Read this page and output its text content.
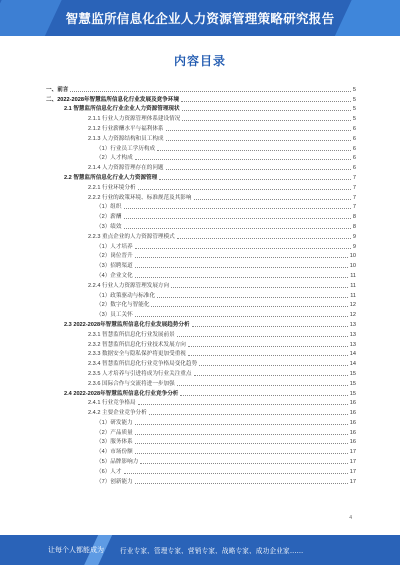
智慧监所信息化企业人力资源管理策略研究报告
内容目录
一、前言	5
二、2022-2028年智慧监所信息化行业发展及竞争环境	5
2.1 智慧监所信息化行业企业人力资源管理现状	5
2.1.1 行业人力资源管理体系建设情况	5
2.1.2 行业薪酬水平与福利体系	6
2.1.3 人力资源结构和员工构成	6
（1）行业员工学历构成	6
（2）人才构成	6
2.1.4 人力资源管理存在的问题	6
2.2 智慧监所信息化行业人力资源管理	7
2.2.1 行业环境分析	7
2.2.2 行业的政策环境、标准规范及其影响	7
（1）组织	7
（2）薪酬	8
（3）绩效	8
2.2.3 重点企业的人力资源管理模式	9
（1）人才培养	9
（2）岗位晋升	10
（3）招聘渠道	10
（4）企业文化	11
2.2.4 行业人力资源管理发展方向	11
（1）政策驱动与标准化	11
（2）数字化与智能化	12
（3）员工关怀	12
2.3 2022-2028年智慧监所信息化行业发展趋势分析	13
2.3.1 智慧监所信息化行业发展前景	13
2.3.2 智慧监所信息化行业技术发展方向	13
2.3.3 数据安全与隐私保护将更加受重视	14
2.3.4 智慧监所信息化行业竞争格局变化趋势	14
2.3.5 人才培养与引进将成为行业关注重点	15
2.3.6 国际合作与交流将进一步加强	15
2.4 2022-2028年智慧监所信息化行业竞争分析	15
2.4.1 行业竞争格局	16
2.4.2 主要企业竞争分析	16
（1）研发能力	16
（2）产品质量	16
（3）服务体系	16
（4）市场份额	17
（5）品牌影响力	17
（6）人才	17
（7）创新能力	17
4
让每个人都能成为 行业专家、管理专家、营销专家、战略专家、成功企业家……
